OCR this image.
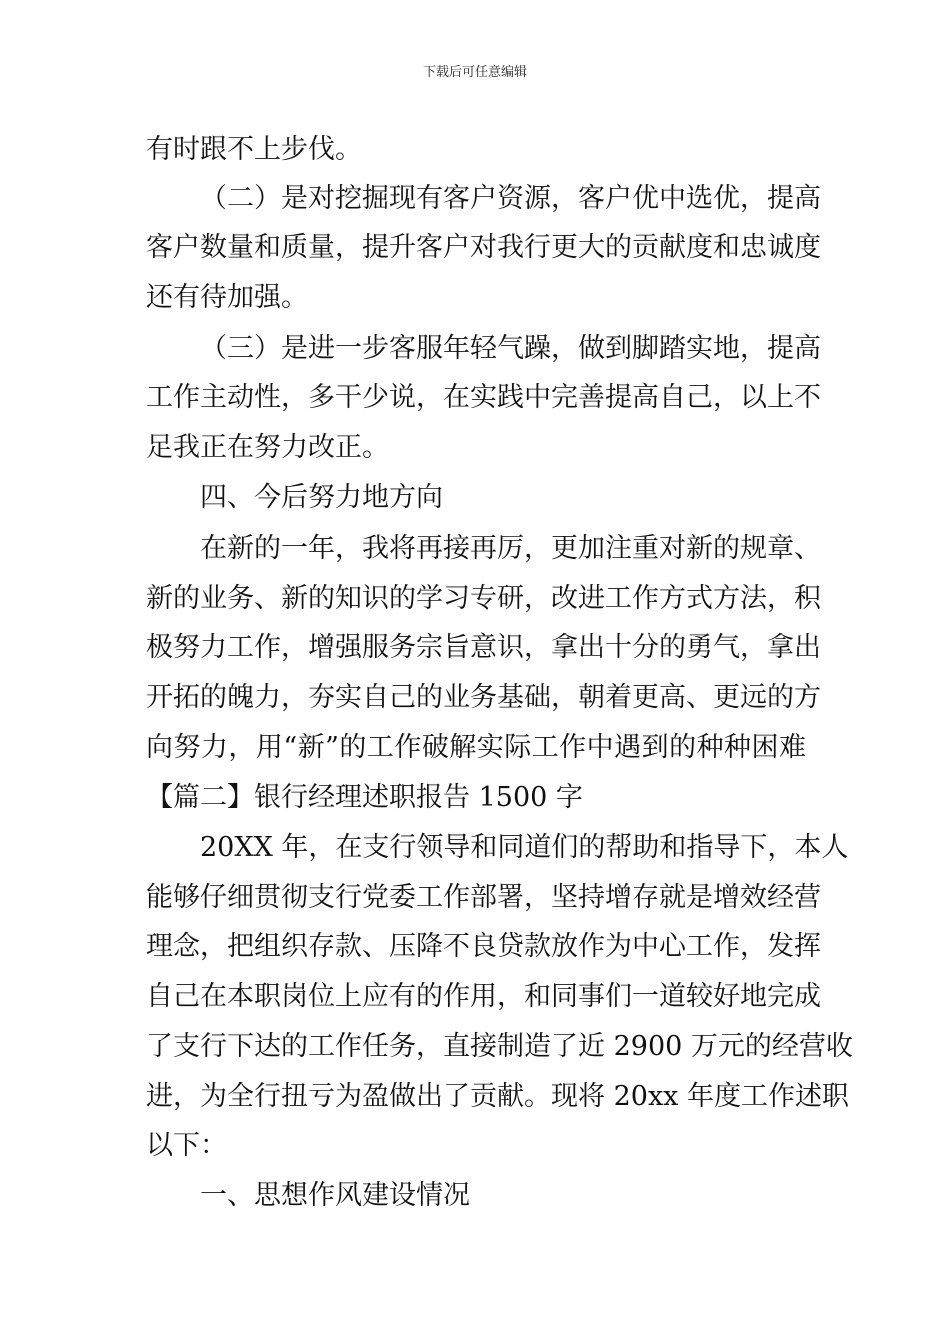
下载后可任意编辑
有时跟不上步伐。
（二）是对挖掘现有客户资源，客户优中选优，提高
客户数量和质量，提升客户对我行更大的贡献度和忠诚度
还有待加强。
（三）是进一步客服年轻气躁，做到脚踏实地，提高
工作主动性，多干少说，在实践中完善提高自己，以上不
足我正在努力改正。
四、今后努力地方向
在新的一年，我将再接再厉，更加注重对新的规章、
新的业务、新的知识的学习专研，改进工作方式方法，积
极努力工作，增强服务宗旨意识，拿出十分的勇气，拿出
开拓的魄力，夯实自己的业务基础，朝着更高、更远的方
向努力，用“新”的工作破解实际工作中遇到的种种困难
【篇二】银行经理述职报告 1500 字
20XX 年，在支行领导和同道们的帮助和指导下，本人
能够仔细贯彻支行党委工作部署，坚持增存就是增效经营
理念，把组织存款、压降不良贷款放作为中心工作，发挥
自己在本职岗位上应有的作用，和同事们一道较好地完成
了支行下达的工作任务，直接制造了近 2900 万元的经营收
进，为全行扭亏为盈做出了贡献。现将 20xx 年度工作述职
以下：
一、思想作风建设情况
